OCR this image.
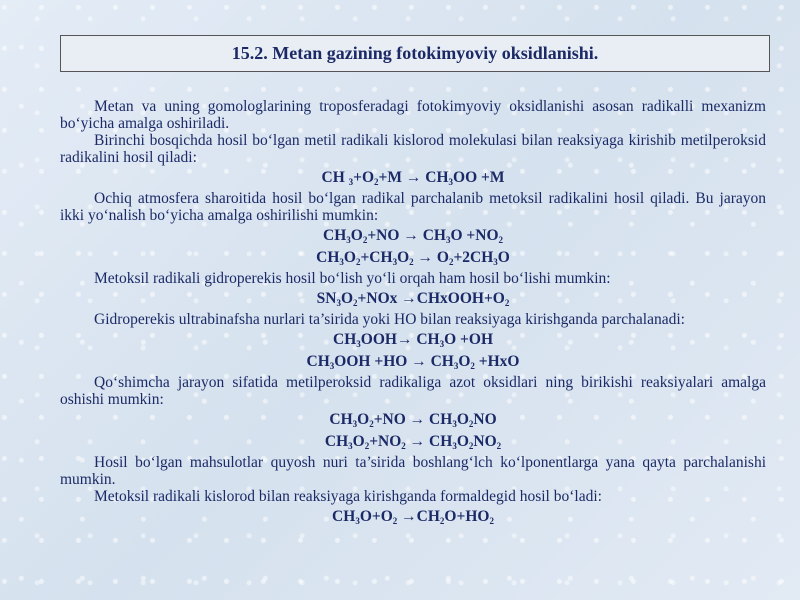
15.2. Metan gazining fotokimyoviy oksidlanishi.

Metan va uning gomologlarining troposferadagi fotokimyoviy oksidlanishi asosan radikalli mexanizm bo‘yicha amalga oshiriladi.

Birinchi bosqichda hosil bo‘lgan metil radikali kislorod molekulasi bilan reaksiyaga kirishib metilperoksid radikalini hosil qiladi:

CH $_3+O_2+M \to CH_3OO +M$

Ochiq atmosfera sharoitida hosil bo‘lgan radikal parchalanib metoksil radikalini hosil qiladi. Bu jarayon ikki yo‘nalish bo‘yicha amalga oshirilishi mumkin:

$CH_3O_2+NO \to CH_3O +NO_2$
$CH_3O_2+CH_3O_2 \to O_2+2CH_3O$

Metoksil radikali gidroperekis hosil bo‘lish yo‘li orqah ham hosil bo‘lishi mumkin:

$SN_3O_2+NOx$ $\to CHxOOH+O_2$

Gidroperekis ultrabinafsha nurlari ta’sirida yoki HO bilan reaksiyaga kirishganda parchalanadi:

$CH_3OOH\to CH_3O +OH$
$CH_3OOH +HO \to CH_3O_2 +HxO$

Qo‘shimcha jarayon sifatida metilperoksid radikaliga azot oksidlari ning birikishi reaksiyalari amalga oshishi mumkin:

$CH_3O_2+NO \to CH_3O_2NO$
$CH_3O_2+NO_2 \to CH_3O_2NO_2$

Hosil bo‘lgan mahsulotlar quyosh nuri ta’sirida boshlang‘lch ko‘lponentlarga yana qayta parchalanishi mumkin.

Metoksil radikali kislorod bilan reaksiyaga kirishganda formaldegid hosil bo‘ladi:

$CH_3O+O_2 \to CH_2O+HO_2$
